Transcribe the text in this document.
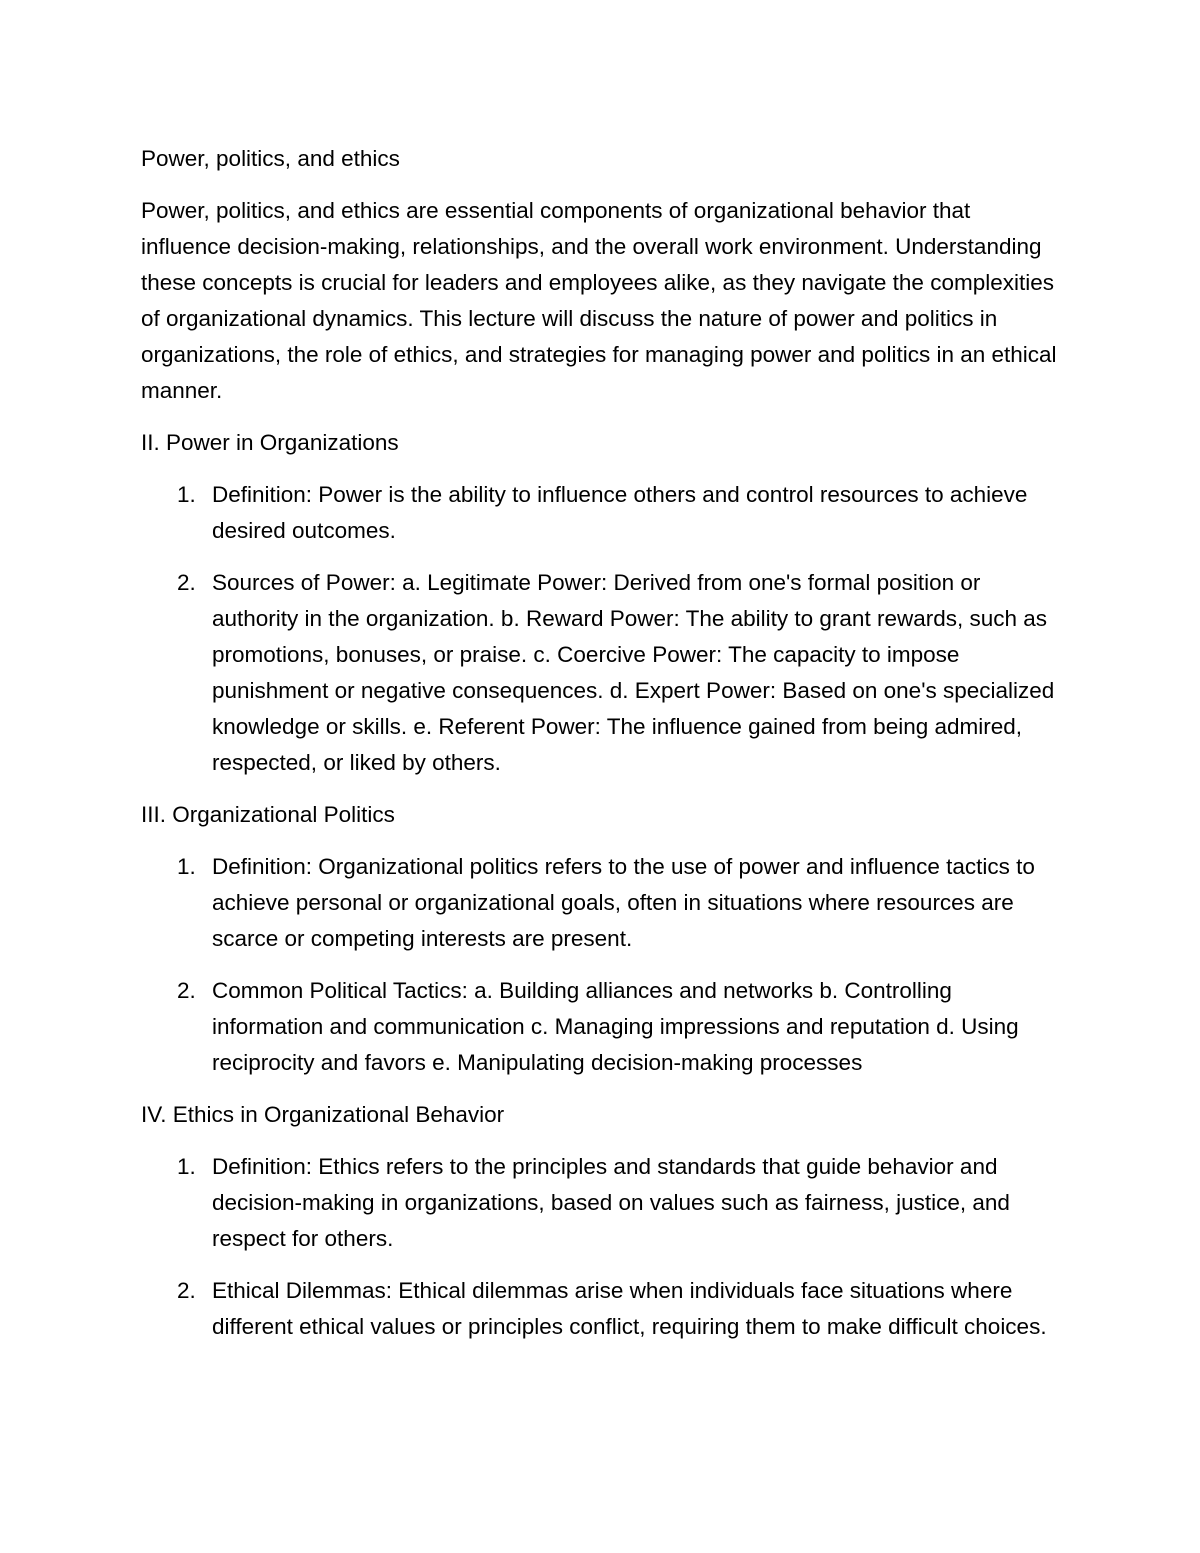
Power, politics, and ethics

Power, politics, and ethics are essential components of organizational behavior that influence decision-making, relationships, and the overall work environment. Understanding these concepts is crucial for leaders and employees alike, as they navigate the complexities of organizational dynamics. This lecture will discuss the nature of power and politics in organizations, the role of ethics, and strategies for managing power and politics in an ethical manner.

II. Power in Organizations

1. Definition: Power is the ability to influence others and control resources to achieve desired outcomes.
2. Sources of Power: a. Legitimate Power: Derived from one's formal position or authority in the organization. b. Reward Power: The ability to grant rewards, such as promotions, bonuses, or praise. c. Coercive Power: The capacity to impose punishment or negative consequences. d. Expert Power: Based on one's specialized knowledge or skills. e. Referent Power: The influence gained from being admired, respected, or liked by others.

III. Organizational Politics

1. Definition: Organizational politics refers to the use of power and influence tactics to achieve personal or organizational goals, often in situations where resources are scarce or competing interests are present.
2. Common Political Tactics: a. Building alliances and networks b. Controlling information and communication c. Managing impressions and reputation d. Using reciprocity and favors e. Manipulating decision-making processes

IV. Ethics in Organizational Behavior

1. Definition: Ethics refers to the principles and standards that guide behavior and decision-making in organizations, based on values such as fairness, justice, and respect for others.
2. Ethical Dilemmas: Ethical dilemmas arise when individuals face situations where different ethical values or principles conflict, requiring them to make difficult choices.
